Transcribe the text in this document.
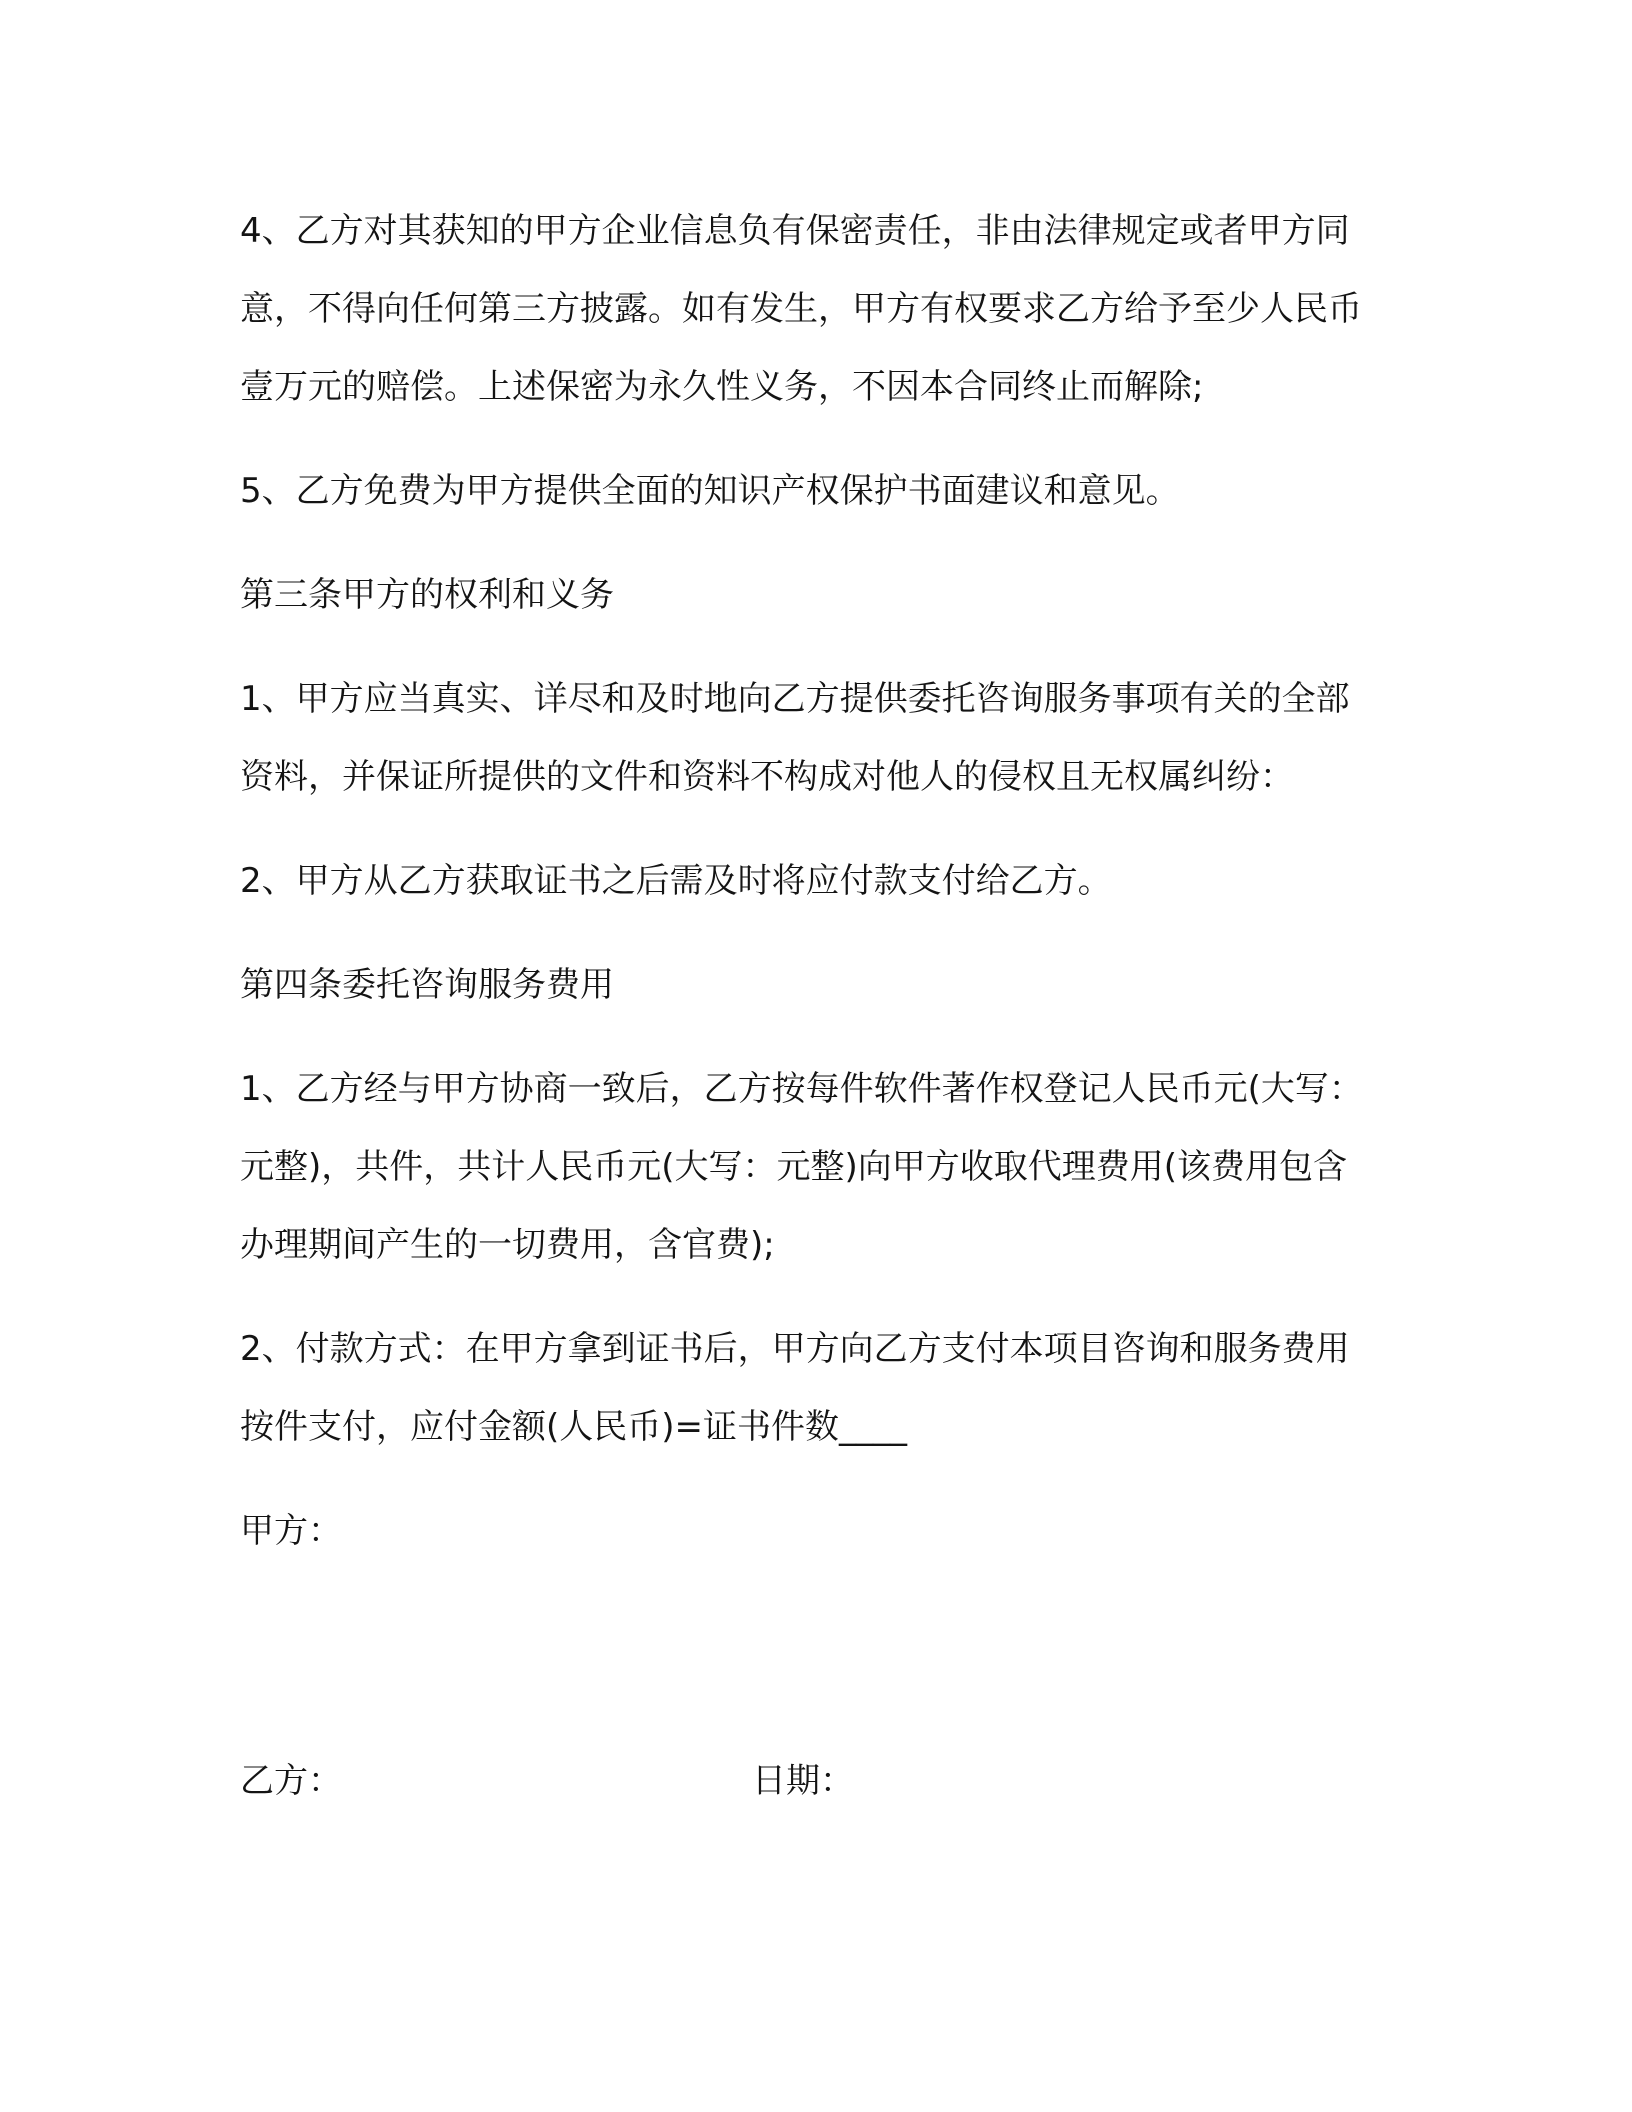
4、乙方对其获知的甲方企业信息负有保密责任，非由法律规定或者甲方同意，不得向任何第三方披露。如有发生，甲方有权要求乙方给予至少人民币壹万元的赔偿。上述保密为永久性义务，不因本合同终止而解除;

5、乙方免费为甲方提供全面的知识产权保护书面建议和意见。

第三条甲方的权利和义务

1、甲方应当真实、详尽和及时地向乙方提供委托咨询服务事项有关的全部资料，并保证所提供的文件和资料不构成对他人的侵权且无权属纠纷：

2、甲方从乙方获取证书之后需及时将应付款支付给乙方。

第四条委托咨询服务费用

1、乙方经与甲方协商一致后，乙方按每件软件著作权登记人民币元(大写：元整)，共件，共计人民币元(大写：元整)向甲方收取代理费用(该费用包含办理期间产生的一切费用，含官费);

2、付款方式：在甲方拿到证书后，甲方向乙方支付本项目咨询和服务费用按件支付，应付金额(人民币)=证书件数____

甲方：

乙方：	日期：
